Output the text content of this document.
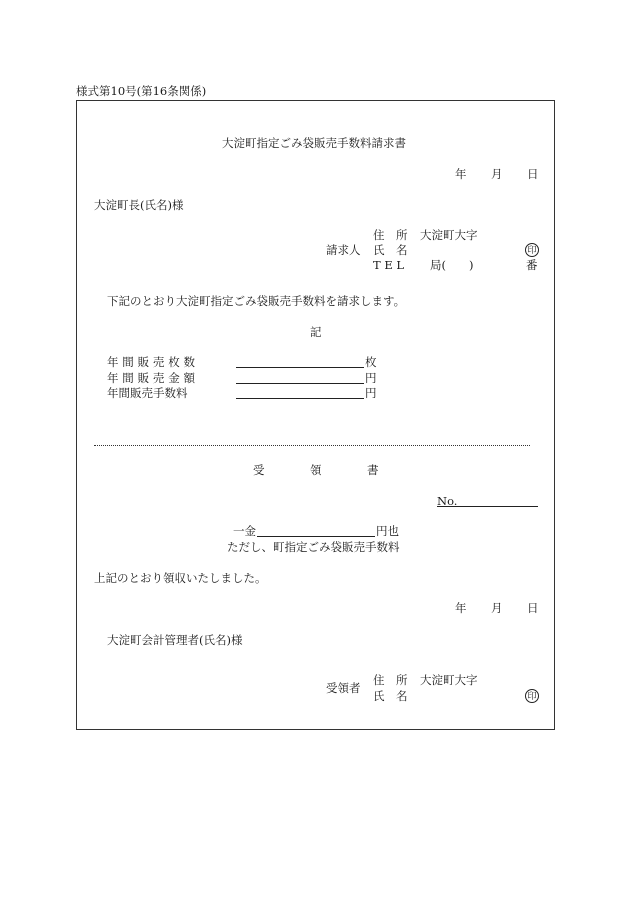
様式第10号(第16条関係)
大淀町指定ごみ袋販売手数料請求書
年 月 日
大淀町長(氏名)様
住　所 大淀町大字
請求人 氏　名	印
T E L 局(　　)	番
下記のとおり大淀町指定ごみ袋販売手数料を請求します。
記
年間販売枚数	枚
年間販売金額	円
年間販売手数料	円
受	領	書
No.
一金	円也
ただし、町指定ごみ袋販売手数料
上記のとおり領収いたしました。
年 月 日
大淀町会計管理者(氏名)様
住　所 大淀町大字
受領者
氏　名	印
